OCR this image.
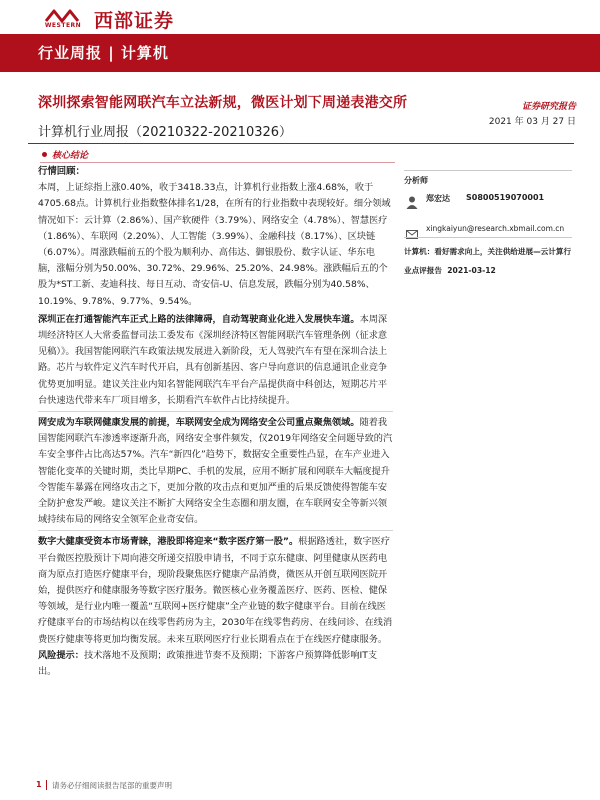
WESTERN 西部证券
行业周报 | 计算机
深圳探索智能网联汽车立法新规，微医计划下周递表港交所	证券研究报告
2021 年 03 月 27 日
计算机行业周报（20210322-20210326）
核心结论

行情回顾：

本周，上证综指上涨0.40%，收于3418.33点，计算机行业指数上涨4.68%，收于4705.68点。计算机行业指数整体排名1/28，在所有的行业指数中表现较好。细分领域情况如下：云计算（2.86%）、国产软硬件（3.79%）、网络安全（4.78%）、智慧医疗（1.86%）、车联网（2.20%）、人工智能（3.99%）、金融科技（8.17%）、区块链（6.07%）。周涨跌幅前五的个股为顺利办、高伟达、御银股份、数字认证、华东电脑，涨幅分别为50.00%、30.72%、29.96%、25.20%、24.98%。涨跌幅后五的个股为*ST工新、麦迪科技、每日互动、奇安信-U、信息发展，跌幅分别为40.58%、10.19%、9.78%、9.77%、9.54%。

深圳正在打通智能汽车正式上路的法律障碍，自动驾驶商业化进入发展快车道。本周深圳经济特区人大常委监督司法工委发布《深圳经济特区智能网联汽车管理条例（征求意见稿）》。我国智能网联汽车政策法规发展进入新阶段，无人驾驶汽车有望在深圳合法上路。芯片与软件定义汽车时代开启，具有创新基因、客户导向意识的信息通讯企业竞争优势更加明显。建议关注业内知名智能网联汽车平台产品提供商中科创达，短期芯片平台快速迭代带来车厂项目增多，长期看汽车软件占比持续提升。

网安成为车联网健康发展的前提，车联网安全成为网络安全公司重点聚焦领域。随着我国智能网联汽车渗透率逐渐升高，网络安全事件频发，仅2019年网络安全问题导致的汽车安全事件占比高达57%。汽车“新四化”趋势下，数据安全重要性凸显，在车产业进入智能化变革的关键时期，类比早期PC、手机的发展，应用不断扩展和网联车大幅度提升令智能车暴露在网络攻击之下，更加分散的攻击点和更加严重的后果反馈使得智能车安全防护愈发严峻。建议关注不断扩大网络安全生态圈和朋友圈，在车联网安全等新兴领域持续布局的网络安全领军企业奇安信。

数字大健康受资本市场青睐，港股即将迎来“数字医疗第一股”。根据路透社，数字医疗平台微医控股预计下周向港交所递交招股申请书，不同于京东健康、阿里健康从医药电商为原点打造医疗健康平台，现阶段聚焦医疗健康产品消费，微医从开创互联网医院开始，提供医疗和健康服务等数字医疗服务。微医核心业务覆盖医疗、医药、医检、健保等领域，是行业内唯一覆盖“互联网+医疗健康”全产业链的数字健康平台。目前在线医疗健康平台的市场结构以在线零售药房为主，2030年在线零售药房、在线问诊、在线消费医疗健康等将更加均衡发展。未来互联网医疗行业长期看点在于在线医疗健康服务。

风险提示：技术落地不及预期；政策推进节奏不及预期；下游客户预算降低影响IT支出。

分析师
郑宏达 S0800519070001
xingkaiyun@research.xbmail.com.cn
计算机：看好需求向上，关注供给进展—云计算行业点评报告 2021-03-12
1 请务必仔细阅读报告尾部的重要声明
